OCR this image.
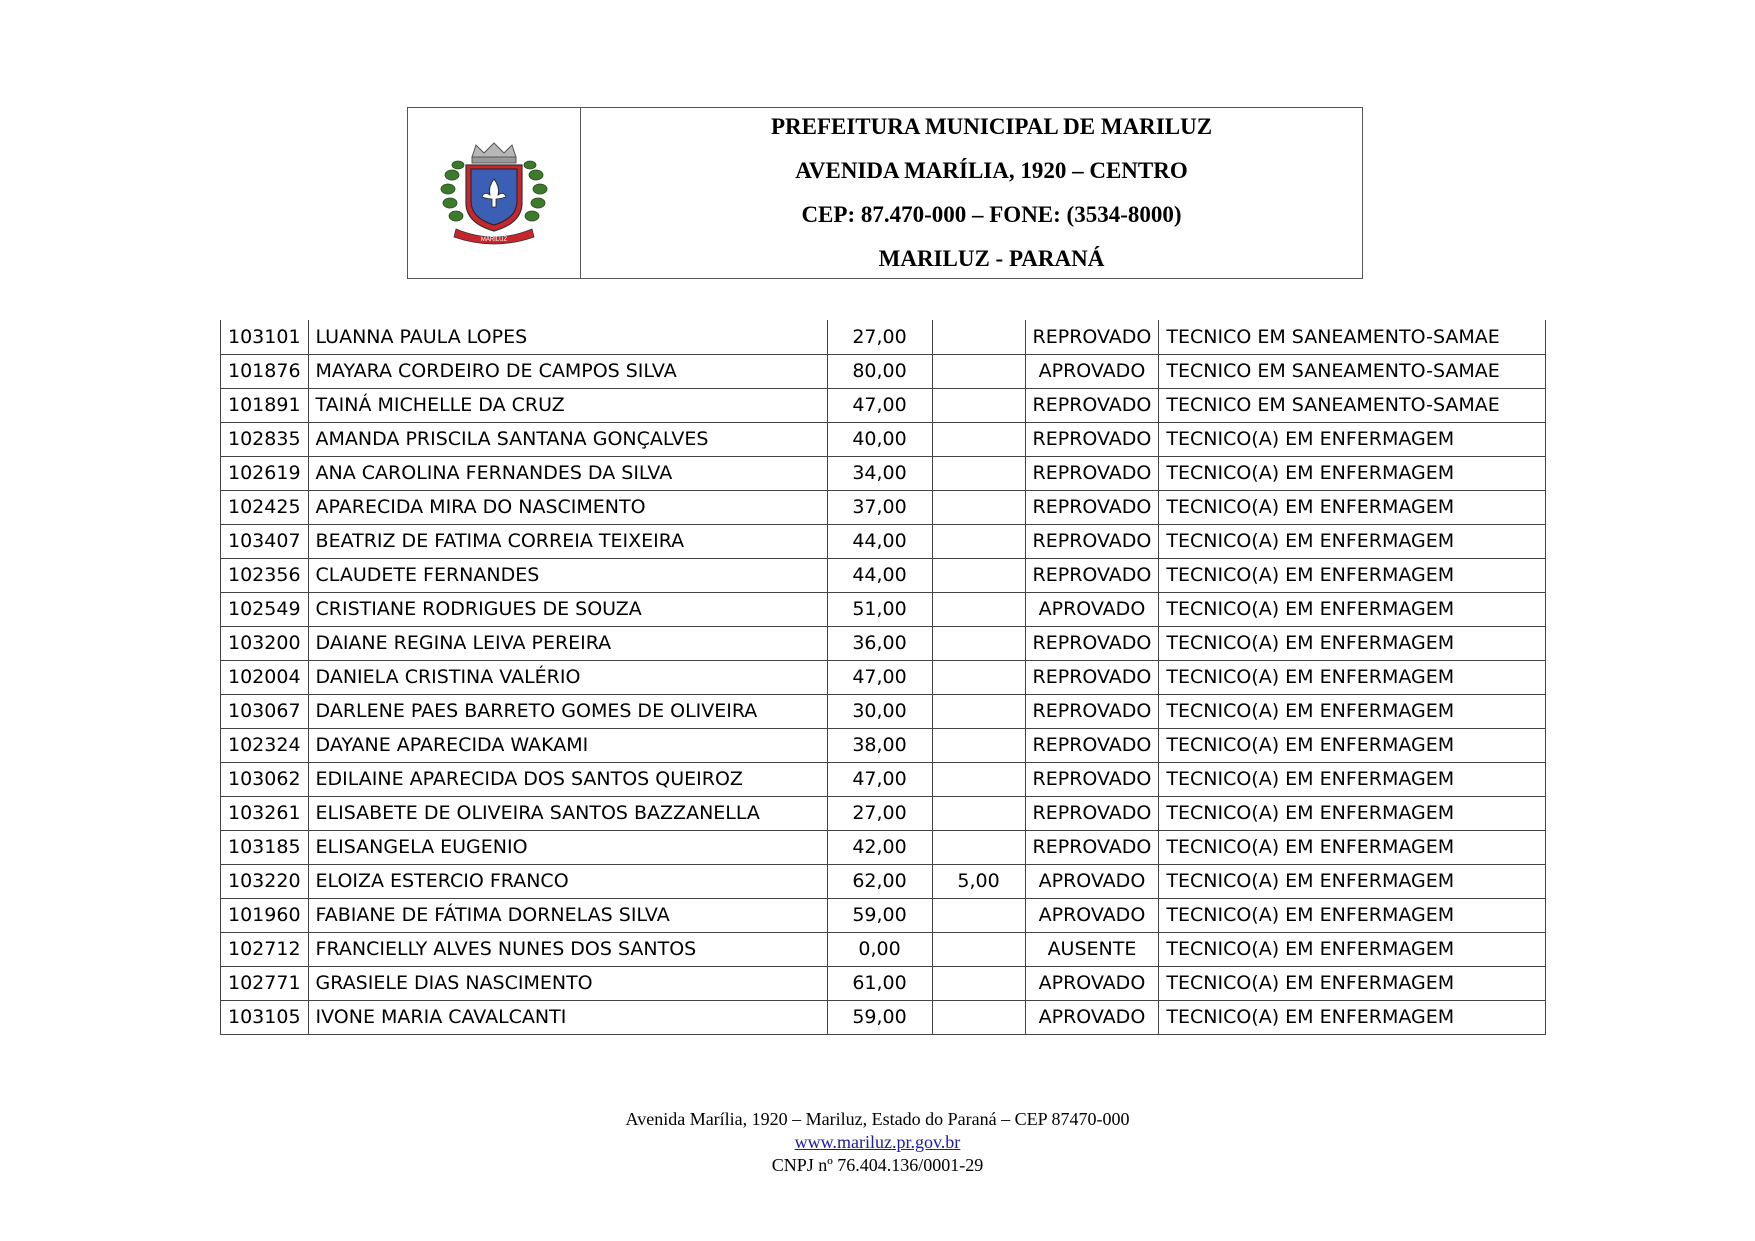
MARILUZ
PREFEITURA MUNICIPAL DE MARILUZ
AVENIDA MARÍLIA, 1920 – CENTRO
CEP: 87.470-000 – FONE: (3534-8000)
MARILUZ - PARANÁ
103101	LUANNA PAULA LOPES	27,00		REPROVADO	TECNICO EM SANEAMENTO-SAMAE
101876	MAYARA CORDEIRO DE CAMPOS SILVA	80,00		APROVADO	TECNICO EM SANEAMENTO-SAMAE
101891	TAINÁ MICHELLE DA CRUZ	47,00		REPROVADO	TECNICO EM SANEAMENTO-SAMAE
102835	AMANDA PRISCILA SANTANA GONÇALVES	40,00		REPROVADO	TECNICO(A) EM ENFERMAGEM
102619	ANA CAROLINA FERNANDES DA SILVA	34,00		REPROVADO	TECNICO(A) EM ENFERMAGEM
102425	APARECIDA MIRA DO NASCIMENTO	37,00		REPROVADO	TECNICO(A) EM ENFERMAGEM
103407	BEATRIZ DE FATIMA CORREIA TEIXEIRA	44,00		REPROVADO	TECNICO(A) EM ENFERMAGEM
102356	CLAUDETE FERNANDES	44,00		REPROVADO	TECNICO(A) EM ENFERMAGEM
102549	CRISTIANE RODRIGUES DE SOUZA	51,00		APROVADO	TECNICO(A) EM ENFERMAGEM
103200	DAIANE REGINA LEIVA PEREIRA	36,00		REPROVADO	TECNICO(A) EM ENFERMAGEM
102004	DANIELA CRISTINA VALÉRIO	47,00		REPROVADO	TECNICO(A) EM ENFERMAGEM
103067	DARLENE PAES BARRETO GOMES DE OLIVEIRA	30,00		REPROVADO	TECNICO(A) EM ENFERMAGEM
102324	DAYANE APARECIDA WAKAMI	38,00		REPROVADO	TECNICO(A) EM ENFERMAGEM
103062	EDILAINE APARECIDA DOS SANTOS QUEIROZ	47,00		REPROVADO	TECNICO(A) EM ENFERMAGEM
103261	ELISABETE DE OLIVEIRA SANTOS BAZZANELLA	27,00		REPROVADO	TECNICO(A) EM ENFERMAGEM
103185	ELISANGELA EUGENIO	42,00		REPROVADO	TECNICO(A) EM ENFERMAGEM
103220	ELOIZA ESTERCIO FRANCO	62,00	5,00	APROVADO	TECNICO(A) EM ENFERMAGEM
101960	FABIANE DE FÁTIMA DORNELAS SILVA	59,00		APROVADO	TECNICO(A) EM ENFERMAGEM
102712	FRANCIELLY ALVES NUNES DOS SANTOS	0,00		AUSENTE	TECNICO(A) EM ENFERMAGEM
102771	GRASIELE DIAS NASCIMENTO	61,00		APROVADO	TECNICO(A) EM ENFERMAGEM
103105	IVONE MARIA CAVALCANTI	59,00		APROVADO	TECNICO(A) EM ENFERMAGEM
Avenida Marília, 1920 – Mariluz, Estado do Paraná – CEP 87470-000
www.mariluz.pr.gov.br
CNPJ nº 76.404.136/0001-29
